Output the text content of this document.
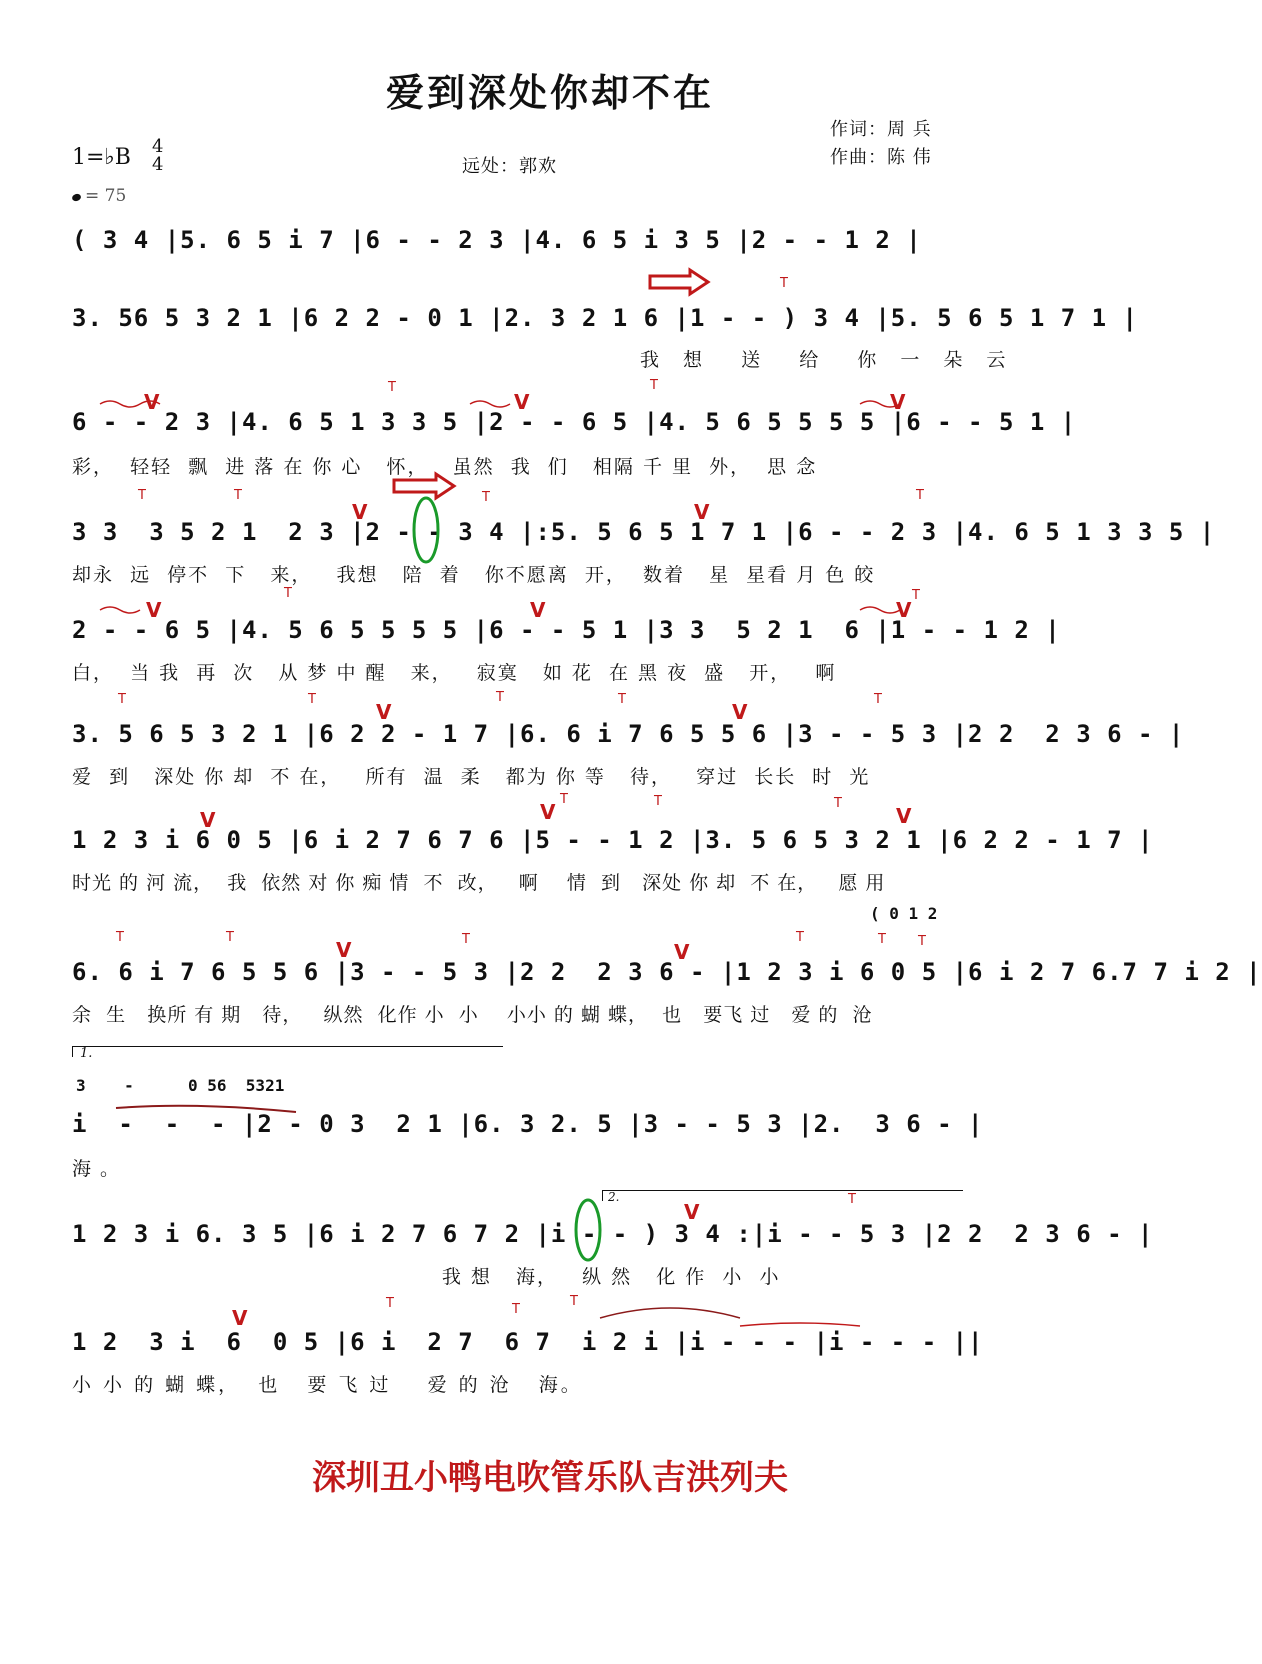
爱到深处你却不在
1=♭B 4
4
= 75
远处：郭欢
作词：周 兵
作曲：陈 伟
( 3 4 |5. 6 5 i 7 |6 - - 2 3 |4. 6 5 i 3 5 |2 - - 1 2 |
3. 56 5 3 2 1 |6 2 2 - 0 1 |2. 3 2 1 6 |1 - - ) 3 4 |5. 5 6 5 1 7 1 |
我 想  送  给  你 一 朵 云
6 - - 2 3 |4. 6 5 1 3 3 5 |2 - - 6 5 |4. 5 6 5 5 5 5 |6 - - 5 1 |
彩，  轻轻  飘  进 落 在 你 心   怀，   虽然  我  们   相隔 千 里  外，  思 念
3 3  3 5 2 1  2 3 |2 - - 3 4 |:5. 5 6 5 1 7 1 |6 - - 2 3 |4. 6 5 1 3 3 5 |
却永  远  停不  下   来，   我想   陪  着   你不愿离  开，  数着   星  星看 月 色 皎
2 - - 6 5 |4. 5 6 5 5 5 5 |6 - - 5 1 |3 3  5 2 1  6 |1 - - 1 2 |
白，  当 我  再  次   从 梦 中 醒   来，   寂寞   如 花  在 黑 夜  盛   开，   啊
3. 5 6 5 3 2 1 |6 2 2 - 1 7 |6. 6 i 7 6 5 5 6 |3 - - 5 3 |2 2  2 3 6 - |
爱  到   深处 你 却  不 在，   所有  温  柔   都为 你 等   待，   穿过  长长  时  光
1 2 3 i 6 0 5 |6 i 2 7 6 7 6 |5 - - 1 2 |3. 5 6 5 3 2 1 |6 2 2 - 1 7 |
时光 的 河 流，  我  依然 对 你 痴 情  不  改，   啊    情  到   深处 你 却  不 在，   愿 用
( 0 1 2
6. 6 i 7 6 5 5 6 |3 - - 5 3 |2 2  2 3 6 - |1 2 3 i 6 0 5 |6 i 2 7 6.7 7 i 2 |
余  生   换所 有 期   待，   纵然  化作 小  小    小小 的 蝴 蝶，  也   要飞 过   爱 的  沧
1.
3    -	0 56  5321
i  -  -  - |2 - 0 3  2 1 |6. 3 2. 5 |3 - - 5 3 |2.  3 6 - |
海。
2.
1 2 3 i 6. 3 5 |6 i 2 7 6 7 2 |i - - ) 3 4 :|i - - 5 3 |2 2  2 3 6 - |
我 想   海，   纵 然   化 作  小  小
1 2  3 i  6  0 5 |6 i  2 7  6 7  i 2 i |i - - - |i - - - ||
小 小 的 蝴 蝶，  也   要 飞 过    爱 的 沧   海。
V	V	V
V	V
V	V	V
V	V
V	V	V
V	V
V
V
T
T	T
T	T	T	T
T	T
T	T	T	T	T
T	T	T
T	T	T	T	T T
T
T	T
T
深圳丑小鸭电吹管乐队吉洪列夫
